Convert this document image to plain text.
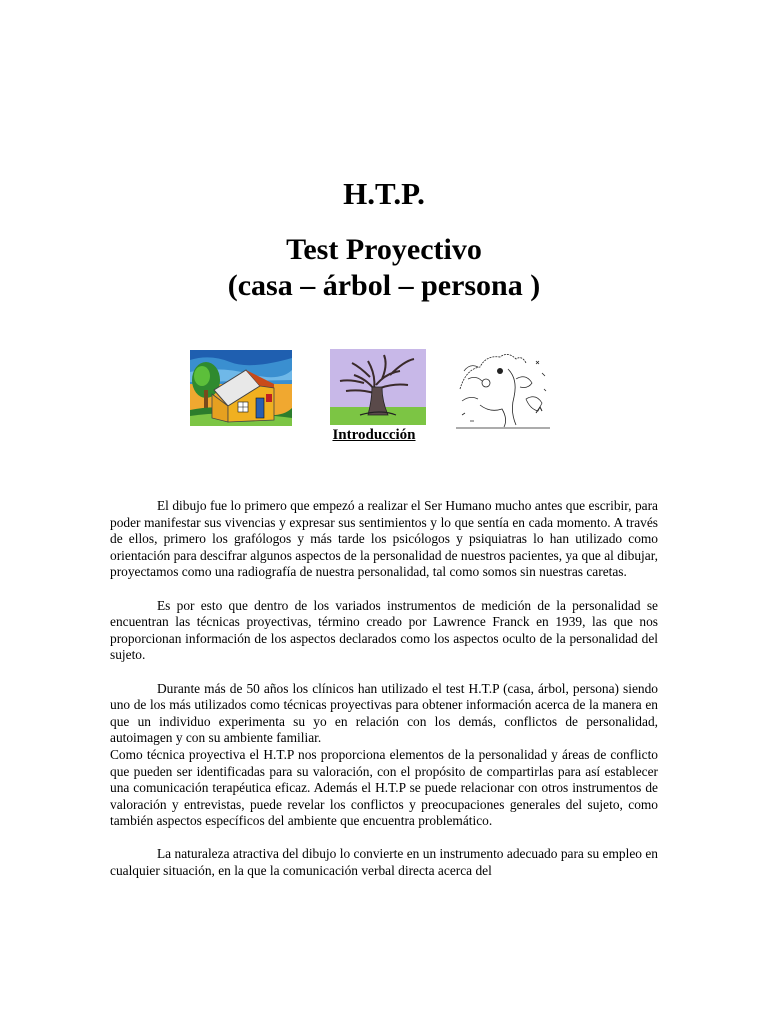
H.T.P.
Test Proyectivo
(casa – árbol – persona )
Introducción

El dibujo fue lo primero que empezó a realizar el Ser Humano mucho antes que escribir, para poder manifestar sus vivencias y expresar sus sentimientos y lo que sentía en cada momento. A través de ellos, primero los grafólogos y más tarde los psicólogos y psiquiatras lo han utilizado como orientación para descifrar algunos aspectos de la personalidad de nuestros pacientes, ya que al dibujar, proyectamos como una radiografía de nuestra personalidad, tal como somos sin nuestras caretas.

Es por esto que dentro de los variados instrumentos de medición de la personalidad se encuentran las técnicas proyectivas, término creado por Lawrence Franck en 1939, las que nos proporcionan información de los aspectos declarados como los aspectos oculto de la personalidad del sujeto.

Durante más de 50 años los clínicos han utilizado el test H.T.P (casa, árbol, persona) siendo uno de los más utilizados como técnicas proyectivas para obtener información acerca de la manera en que un individuo experimenta su yo en relación con los demás, conflictos de personalidad, autoimagen y con su ambiente familiar.

Como técnica proyectiva el H.T.P nos proporciona elementos de la personalidad y áreas de conflicto que pueden ser identificadas para su valoración, con el propósito de compartirlas para así establecer una comunicación terapéutica eficaz. Además el H.T.P se puede relacionar con otros instrumentos de valoración y entrevistas, puede revelar los conflictos y preocupaciones generales del sujeto, como también aspectos específicos del ambiente que encuentra problemático.

La naturaleza atractiva del dibujo lo convierte en un instrumento adecuado para su empleo en cualquier situación, en la que la comunicación verbal directa acerca del
